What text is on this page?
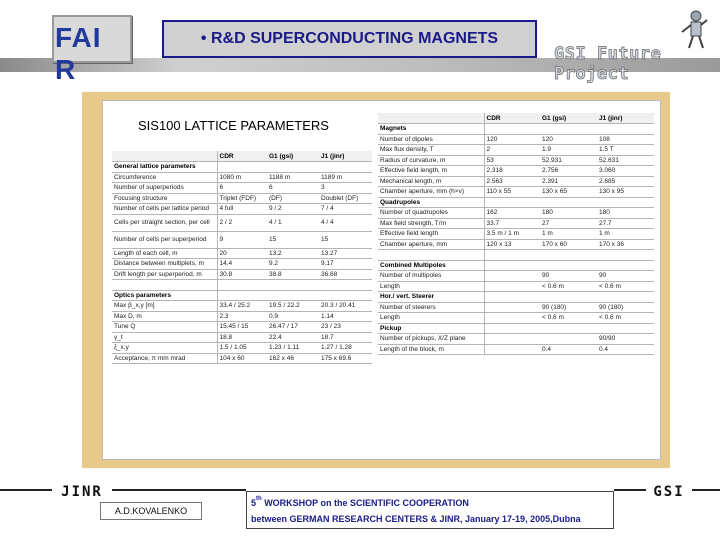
FAI R
• R&D SUPERCONDUCTING MAGNETS
GSI Future Project
SIS100 LATTICE PARAMETERS
	CDR	G1 (gsi)	J1 (jinr)
General lattice parameters			
Circumference	1080 m	1188 m	1189 m
Number of superperiods	6	6	3
Focusing structure	Triplet (FDF)	(DF)	Doublet (DF)
Number of cells per lattice period	4 full	9 / 2	7 / 4
Cells per straight section, per cell	2 / 2	4 / 1	4 / 4
Number of cells per superperiod	9	15	15
Length of each cell, m	20	13.2	13.27
Distance between multiplets, m	14.4	9.2	9.17
Drift length per superperiod, m	30.8	38.8	36.68

Optics parameters			
Max β_x,y [m]	33.4 / 25.2	19.5 / 22.2	20.3 / 20.41
Max D, m	2.3	0.9	1.14
Tune Q	15.45 / 15	26.47 / 17	23 / 23
γ_t	18.8	22.4	18.7
ξ_x,y	1.5 / 1.05	1.23 / 1.11	1.27 / 1.28
Acceptance, π mm mrad	104 x 60	162 x 46	175 x 69.6
	CDR	G1 (gsi)	J1 (jinr)
Magnets			
Number of dipoles	120	120	108
Max flux density, T	2	1.9	1.5 T
Radius of curvature, m	53	52.931	52.631
Effective field length, m	2.318	2.756	3.060
Mechanical length, m	2.563	2.391	2.685
Chamber aperture, mm (h×v)	110 x 55	130 x 65	130 x 95
Quadrupoles			
Number of quadrupoles	162	180	180
Max field strength, T/m	33.7	27	27.7
Effective field length	3.5 m / 1 m	1 m	1 m
Chamber aperture, mm	120 x 13	170 x 60	170 x 36

Combined Multipoles			
Number of multipoles		90	90
Length		< 0.6 m	< 0.6 m
Hor./ vert. Steerer			
Number of steerers		90 (180)	90 (180)
Length		< 0.6 m	< 0.6 m
Pickup			
Number of pickups, X/Z plane			90/90
Length of the block, m		0.4	0.4
JINR	GSI
A.D.KOVALENKO
5th WORKSHOP on the SCIENTIFIC COOPERATION
between GERMAN RESEARCH CENTERS & JINR, January 17-19, 2005,Dubna
